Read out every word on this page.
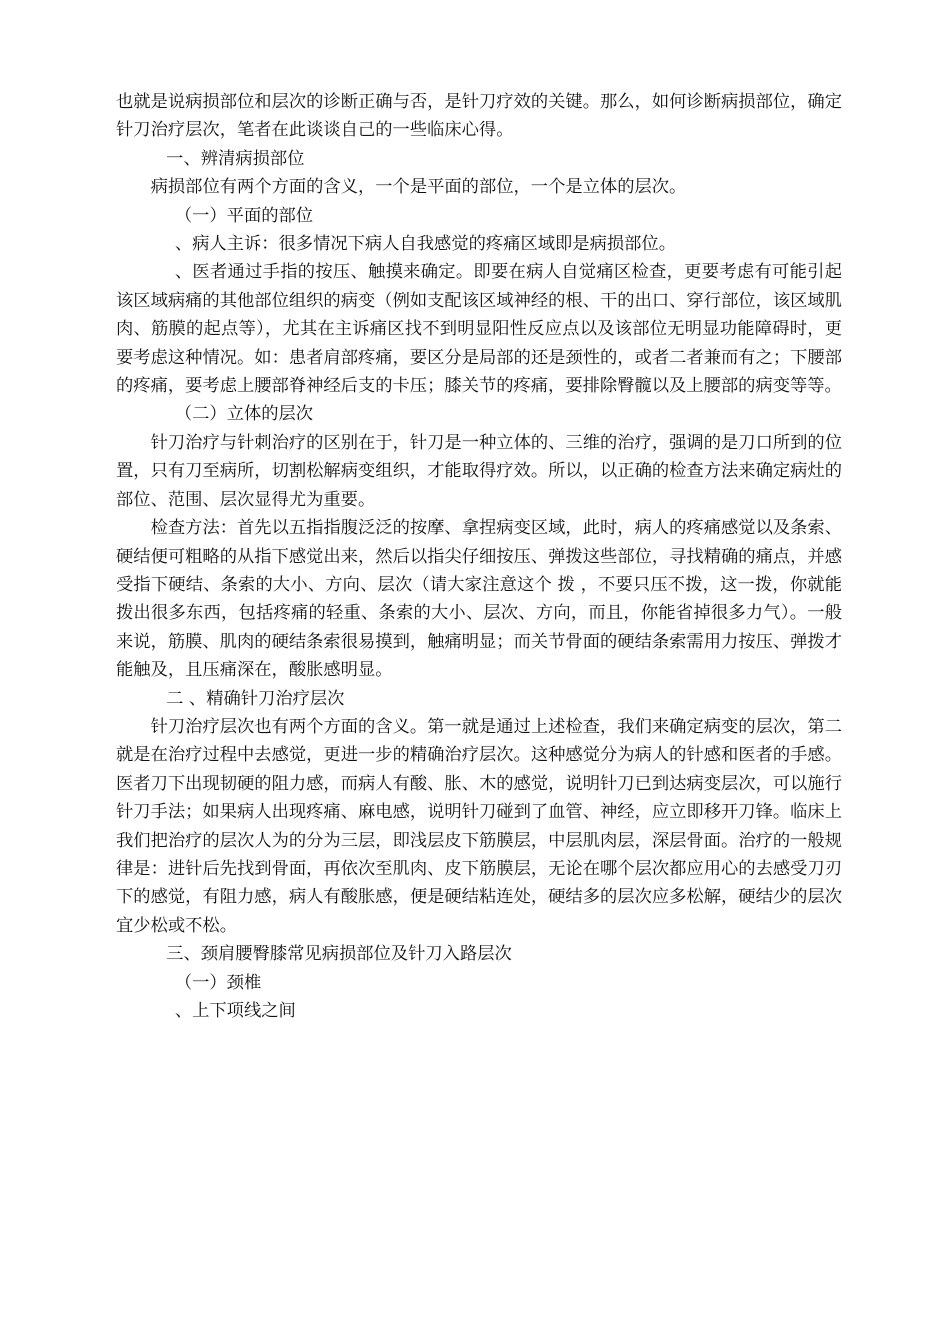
也就是说病损部位和层次的诊断正确与否，是针刀疗效的关键。那么，如何诊断病损部位，确定针刀治疗层次，笔者在此谈谈自己的一些临床心得。

一、辨清病损部位

病损部位有两个方面的含义，一个是平面的部位，一个是立体的层次。

（一）平面的部位

、病人主诉：很多情况下病人自我感觉的疼痛区域即是病损部位。

、医者通过手指的按压、触摸来确定。即要在病人自觉痛区检查，更要考虑有可能引起该区域病痛的其他部位组织的病变（例如支配该区域神经的根、干的出口、穿行部位，该区域肌肉、筋膜的起点等），尤其在主诉痛区找不到明显阳性反应点以及该部位无明显功能障碍时，更要考虑这种情况。如：患者肩部疼痛，要区分是局部的还是颈性的，或者二者兼而有之；下腰部的疼痛，要考虑上腰部脊神经后支的卡压；膝关节的疼痛，要排除臀髋以及上腰部的病变等等。

（二）立体的层次

针刀治疗与针刺治疗的区别在于，针刀是一种立体的、三维的治疗，强调的是刀口所到的位置，只有刀至病所，切割松解病变组织，才能取得疗效。所以，以正确的检查方法来确定病灶的部位、范围、层次显得尤为重要。

检查方法：首先以五指指腹泛泛的按摩、拿捏病变区域，此时，病人的疼痛感觉以及条索、硬结便可粗略的从指下感觉出来，然后以指尖仔细按压、弹拨这些部位，寻找精确的痛点，并感受指下硬结、条索的大小、方向、层次（请大家注意这个 拨 ，不要只压不拨，这一拨，你就能拨出很多东西，包括疼痛的轻重、条索的大小、层次、方向，而且，你能省掉很多力气）。一般来说，筋膜、肌肉的硬结条索很易摸到，触痛明显；而关节骨面的硬结条索需用力按压、弹拨才能触及，且压痛深在，酸胀感明显。

二 、精确针刀治疗层次

针刀治疗层次也有两个方面的含义。第一就是通过上述检查，我们来确定病变的层次，第二就是在治疗过程中去感觉，更进一步的精确治疗层次。这种感觉分为病人的针感和医者的手感。医者刀下出现韧硬的阻力感，而病人有酸、胀、木的感觉，说明针刀已到达病变层次，可以施行针刀手法；如果病人出现疼痛、麻电感，说明针刀碰到了血管、神经，应立即移开刀锋。临床上我们把治疗的层次人为的分为三层，即浅层皮下筋膜层，中层肌肉层，深层骨面。治疗的一般规律是：进针后先找到骨面，再依次至肌肉、皮下筋膜层，无论在哪个层次都应用心的去感受刀刃下的感觉，有阻力感，病人有酸胀感，便是硬结粘连处，硬结多的层次应多松解，硬结少的层次宜少松或不松。

三、颈肩腰臀膝常见病损部位及针刀入路层次

（一）颈椎

、上下项线之间
